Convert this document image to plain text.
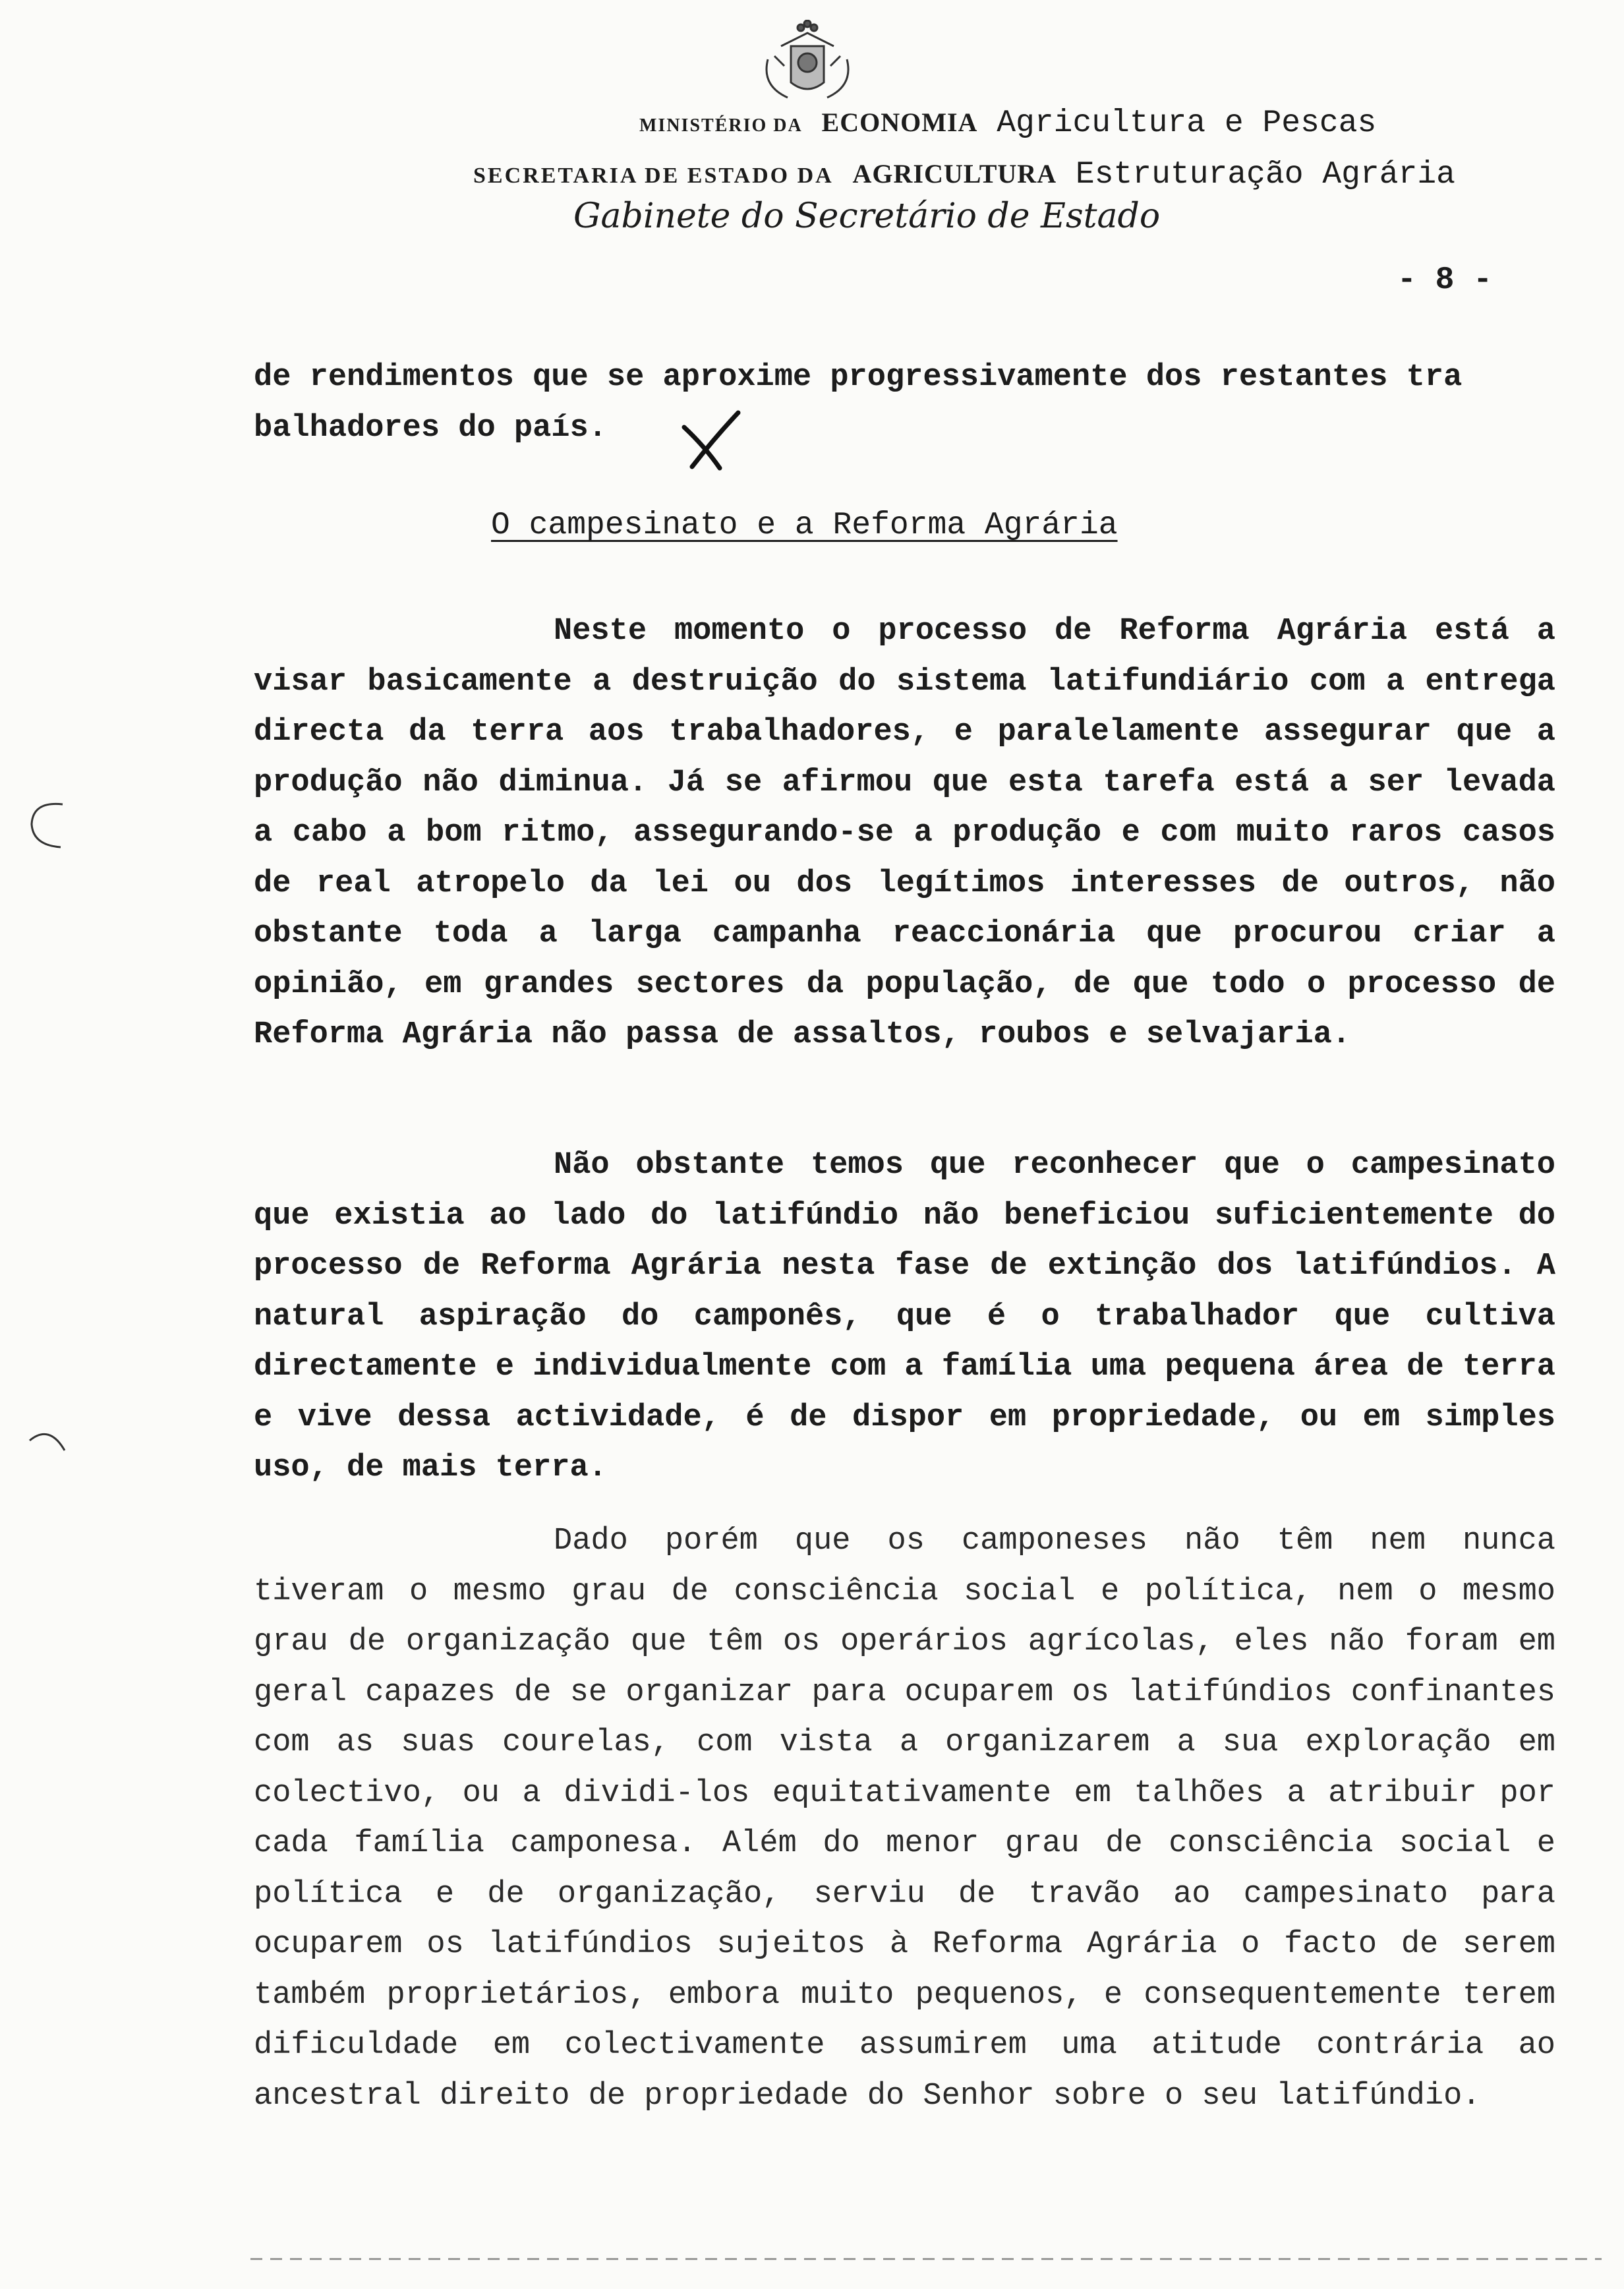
MINISTÉRIO DA ECONOMIA Agricultura e Pescas
SECRETARIA DE ESTADO DA AGRICULTURA Estruturação Agrária
Gabinete do Secretário de Estado
- 8 -

de rendimentos que se aproxime progressivamente dos restantes tra balhadores do país.

O campesinato e a Reforma Agrária

Neste momento o processo de Reforma Agrária está a visar basicamente a destruição do sistema latifundiário com a entrega directa da terra aos trabalhadores, e paralelamente assegurar que a produção não diminua. Já se afirmou que esta tarefa está a ser levada a cabo a bom ritmo, assegurando-se a produção e com muito raros casos de real atropelo da lei ou dos legítimos interesses de outros, não obstante toda a larga campanha reaccionária que procurou criar a opinião, em grandes sectores da população, de que todo o processo de Reforma Agrária não passa de assaltos, roubos e selvajaria.

Não obstante temos que reconhecer que o campesinato que existia ao lado do latifúndio não beneficiou suficientemente do processo de Reforma Agrária nesta fase de extinção dos latifúndios. A natural aspiração do camponês, que é o trabalhador que cultiva directamente e individualmente com a família uma pequena área de terra e vive dessa actividade, é de dispor em propriedade, ou em simples uso, de mais terra.

Dado porém que os camponeses não têm nem nunca tiveram o mesmo grau de consciência social e política, nem o mesmo grau de organização que têm os operários agrícolas, eles não foram em geral capazes de se organizar para ocuparem os latifúndios confinantes com as suas courelas, com vista a organizarem a sua exploração em colectivo, ou a dividi-los equitativamente em talhões a atribuir por cada família camponesa. Além do menor grau de consciência social e política e de organização, serviu de travão ao campesinato para ocuparem os latifúndios sujeitos à Reforma Agrária o facto de serem também proprietários, embora muito pequenos, e consequentemente terem dificuldade em colectivamente assumirem uma atitude contrária ao ancestral direito de propriedade do Senhor sobre o seu latifúndio.
